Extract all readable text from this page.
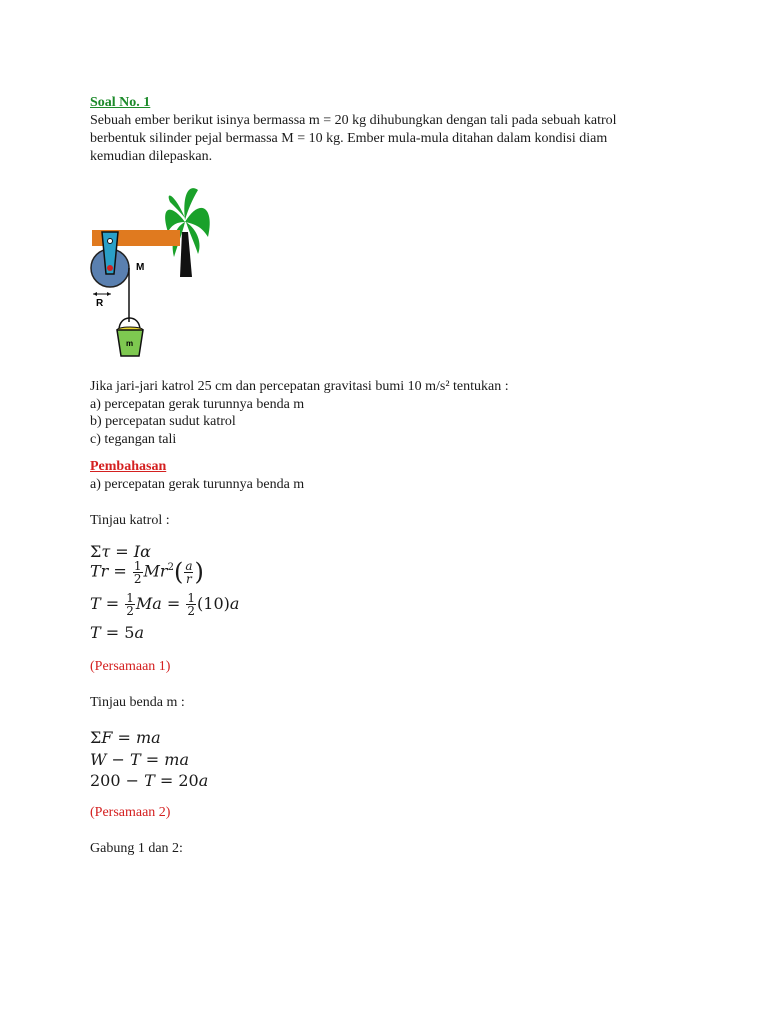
Soal No. 1
Sebuah ember berikut isinya bermassa m = 20 kg dihubungkan dengan tali pada sebuah katrol
berbentuk silinder pejal bermassa M = 10 kg. Ember mula-mula ditahan dalam kondisi diam
kemudian dilepaskan.
M
R
m
Jika jari-jari katrol 25 cm dan percepatan gravitasi bumi 10 m/s² tentukan :
a) percepatan gerak turunnya benda m
b) percepatan sudut katrol
c) tegangan tali
Pembahasan
a) percepatan gerak turunnya benda m
Tinjau katrol :
Στ = Iα
$Tr = \frac{1}{2} Mr^2( \frac{a}{r}$ )
$T = \frac{1}{2}$ $Ma = \frac{1}{2} (10)a$
T = 5a
(Persamaan 1)
Tinjau benda m :
ΣF = ma
W − T = ma
200 − T = 20a
(Persamaan 2)
Gabung 1 dan 2:
